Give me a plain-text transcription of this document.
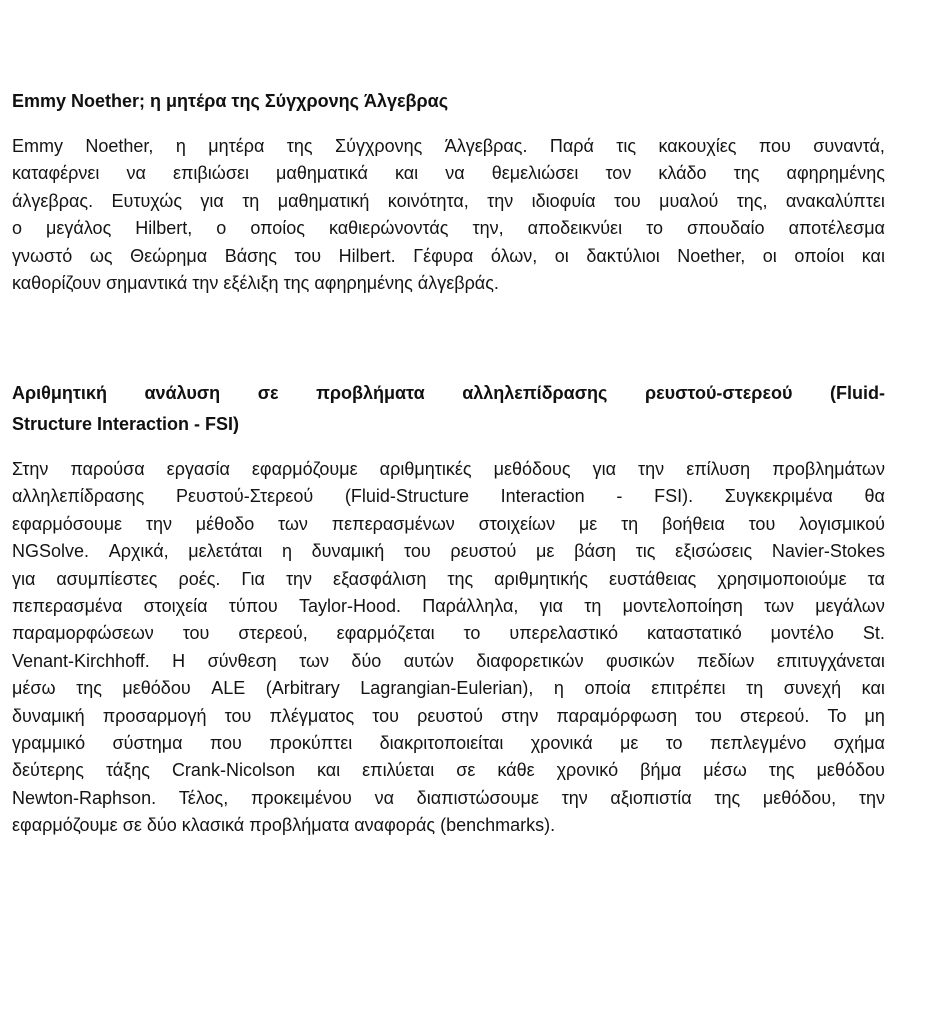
Emmy Noether; η μητέρα της Σύγχρονης Άλγεβρας
Emmy Noether, η μητέρα της Σύγχρονης Άλγεβρας. Παρά τις κακουχίες που συναντά,
καταφέρνει να επιβιώσει μαθηματικά και να θεμελιώσει τον κλάδο της αφηρημένης
άλγεβρας. Ευτυχώς για τη μαθηματική κοινότητα, την ιδιοφυία του μυαλού της, ανακαλύπτει
ο μεγάλος Hilbert, ο οποίος καθιερώνοντάς την, αποδεικνύει το σπουδαίο αποτέλεσμα
γνωστό ως Θεώρημα Βάσης του Hilbert. Γέφυρα όλων, οι δακτύλιοι Noether, οι οποίοι και
καθορίζουν σημαντικά την εξέλιξη της αφηρημένης άλγεβράς.
Αριθμητική ανάλυση σε προβλήματα αλληλεπίδρασης ρευστού-στερεού (Fluid-
Structure Interaction - FSI)
Στην παρούσα εργασία εφαρμόζουμε αριθμητικές μεθόδους για την επίλυση προβλημάτων
αλληλεπίδρασης Ρευστού-Στερεού (Fluid-Structure Interaction - FSI). Συγκεκριμένα θα
εφαρμόσουμε την μέθοδο των πεπερασμένων στοιχείων με τη βοήθεια του λογισμικού
NGSolve. Αρχικά, μελετάται η δυναμική του ρευστού με βάση τις εξισώσεις Navier-Stokes
για ασυμπίεστες ροές. Για την εξασφάλιση της αριθμητικής ευστάθειας χρησιμοποιούμε τα
πεπερασμένα στοιχεία τύπου Taylor-Hood. Παράλληλα, για τη μοντελοποίηση των μεγάλων
παραμορφώσεων του στερεού, εφαρμόζεται το υπερελαστικό καταστατικό μοντέλο St.
Venant-Kirchhoff. Η σύνθεση των δύο αυτών διαφορετικών φυσικών πεδίων επιτυγχάνεται
μέσω της μεθόδου ALE (Arbitrary Lagrangian-Eulerian), η οποία επιτρέπει τη συνεχή και
δυναμική προσαρμογή του πλέγματος του ρευστού στην παραμόρφωση του στερεού. Το μη
γραμμικό σύστημα που προκύπτει διακριτοποιείται χρονικά με το πεπλεγμένο σχήμα
δεύτερης τάξης Crank-Nicolson και επιλύεται σε κάθε χρονικό βήμα μέσω της μεθόδου
Newton-Raphson. Τέλος, προκειμένου να διαπιστώσουμε την αξιοπιστία της μεθόδου, την
εφαρμόζουμε σε δύο κλασικά προβλήματα αναφοράς (benchmarks).
